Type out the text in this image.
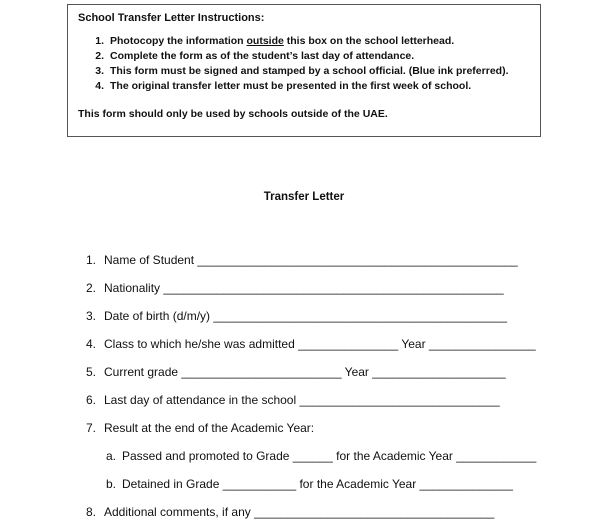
School Transfer Letter Instructions:
1. Photocopy the information outside this box on the school letterhead.
2. Complete the form as of the student’s last day of attendance.
3. This form must be signed and stamped by a school official. (Blue ink preferred).
4. The original transfer letter must be presented in the first week of school.
This form should only be used by schools outside of the UAE.
Transfer Letter
1. Name of Student ________________________________________________
2. Nationality ___________________________________________________
3. Date of birth (d/m/y) ____________________________________________
4. Class to which he/she was admitted _______________ Year ________________
5. Current grade ________________________ Year ____________________
6. Last day of attendance in the school ______________________________
7. Result at the end of the Academic Year:
a. Passed and promoted to Grade ______ for the Academic Year ____________
b. Detained in Grade ___________ for the Academic Year ______________
8. Additional comments, if any ____________________________________
